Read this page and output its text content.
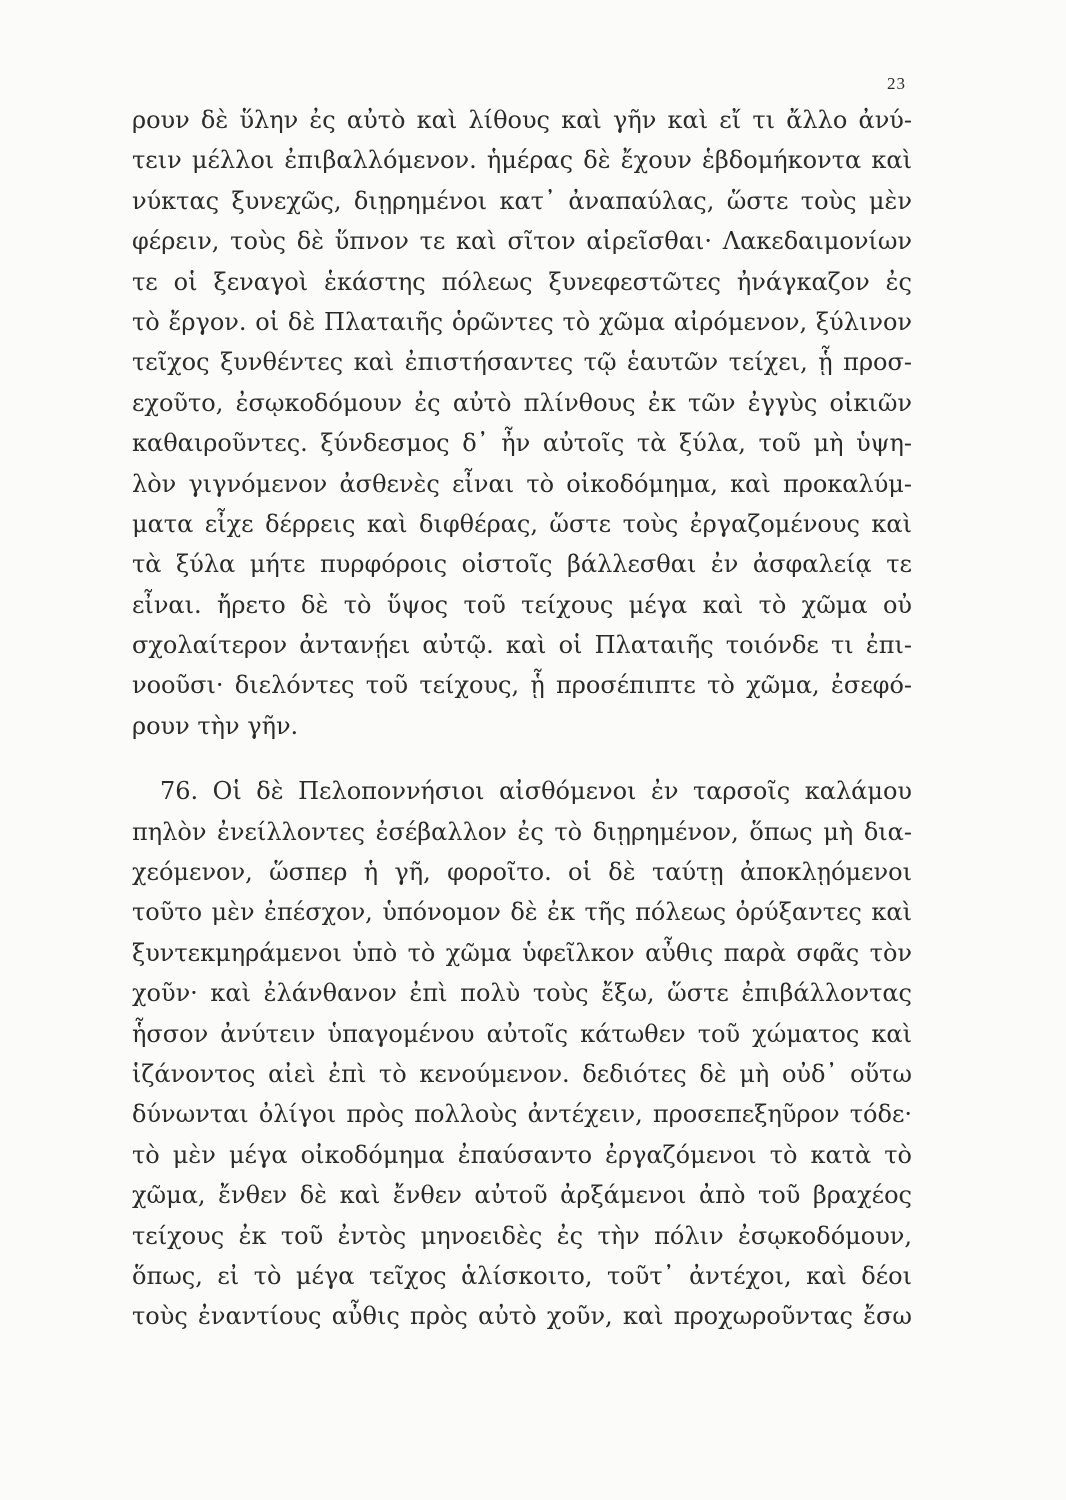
23
ρουν δὲ ὕλην ἐς αὐτὸ καὶ λίθους καὶ γῆν καὶ εἴ τι ἄλλο ἀνύ-
τειν μέλλοι ἐπιβαλλόμενον. ἡμέρας δὲ ἔχουν ἑβδομήκοντα καὶ
νύκτας ξυνεχῶς, διῃρημένοι κατ᾽ ἀναπαύλας, ὥστε τοὺς μὲν
φέρειν, τοὺς δὲ ὕπνον τε καὶ σῖτον αἱρεῖσθαι· Λακεδαιμονίων
τε οἱ ξεναγοὶ ἑκάστης πόλεως ξυνεφεστῶτες ἠνάγκαζον ἐς
τὸ ἔργον. οἱ δὲ Πλαταιῆς ὁρῶντες τὸ χῶμα αἰρόμενον, ξύλινον
τεῖχος ξυνθέντες καὶ ἐπιστήσαντες τῷ ἑαυτῶν τείχει, ᾗ προσ-
εχοῦτο, ἐσῳκοδόμουν ἐς αὐτὸ πλίνθους ἐκ τῶν ἐγγὺς οἰκιῶν
καθαιροῦντες. ξύνδεσμος δ᾽ ἦν αὐτοῖς τὰ ξύλα, τοῦ μὴ ὑψη-
λὸν γιγνόμενον ἀσθενὲς εἶναι τὸ οἰκοδόμημα, καὶ προκαλύμ-
ματα εἶχε δέρρεις καὶ διφθέρας, ὥστε τοὺς ἐργαζομένους καὶ
τὰ ξύλα μήτε πυρφόροις οἰστοῖς βάλλεσθαι ἐν ἀσφαλείᾳ τε
εἶναι. ἤρετο δὲ τὸ ὕψος τοῦ τείχους μέγα καὶ τὸ χῶμα οὐ
σχολαίτερον ἀντανῄει αὐτῷ. καὶ οἱ Πλαταιῆς τοιόνδε τι ἐπι-
νοοῦσι· διελόντες τοῦ τείχους, ᾗ προσέπιπτε τὸ χῶμα, ἐσεφό-
ρουν τὴν γῆν.
76. Οἱ δὲ Πελοποννήσιοι αἰσθόμενοι ἐν ταρσοῖς καλάμου
πηλὸν ἐνείλλοντες ἐσέβαλλον ἐς τὸ διῃρημένον, ὅπως μὴ δια-
χεόμενον, ὥσπερ ἡ γῆ, φοροῖτο. οἱ δὲ ταύτῃ ἀποκλῃόμενοι
τοῦτο μὲν ἐπέσχον, ὑπόνομον δὲ ἐκ τῆς πόλεως ὀρύξαντες καὶ
ξυντεκμηράμενοι ὑπὸ τὸ χῶμα ὑφεῖλκον αὖθις παρὰ σφᾶς τὸν
χοῦν· καὶ ἐλάνθανον ἐπὶ πολὺ τοὺς ἔξω, ὥστε ἐπιβάλλοντας
ἧσσον ἀνύτειν ὑπαγομένου αὐτοῖς κάτωθεν τοῦ χώματος καὶ
ἱζάνοντος αἰεὶ ἐπὶ τὸ κενούμενον. δεδιότες δὲ μὴ οὐδ᾽ οὕτω
δύνωνται ὀλίγοι πρὸς πολλοὺς ἀντέχειν, προσεπεξηῦρον τόδε·
τὸ μὲν μέγα οἰκοδόμημα ἐπαύσαντο ἐργαζόμενοι τὸ κατὰ τὸ
χῶμα, ἔνθεν δὲ καὶ ἔνθεν αὐτοῦ ἀρξάμενοι ἀπὸ τοῦ βραχέος
τείχους ἐκ τοῦ ἐντὸς μηνοειδὲς ἐς τὴν πόλιν ἐσῳκοδόμουν,
ὅπως, εἰ τὸ μέγα τεῖχος ἁλίσκοιτο, τοῦτ᾽ ἀντέχοι, καὶ δέοι
τοὺς ἐναντίους αὖθις πρὸς αὐτὸ χοῦν, καὶ προχωροῦντας ἔσω
